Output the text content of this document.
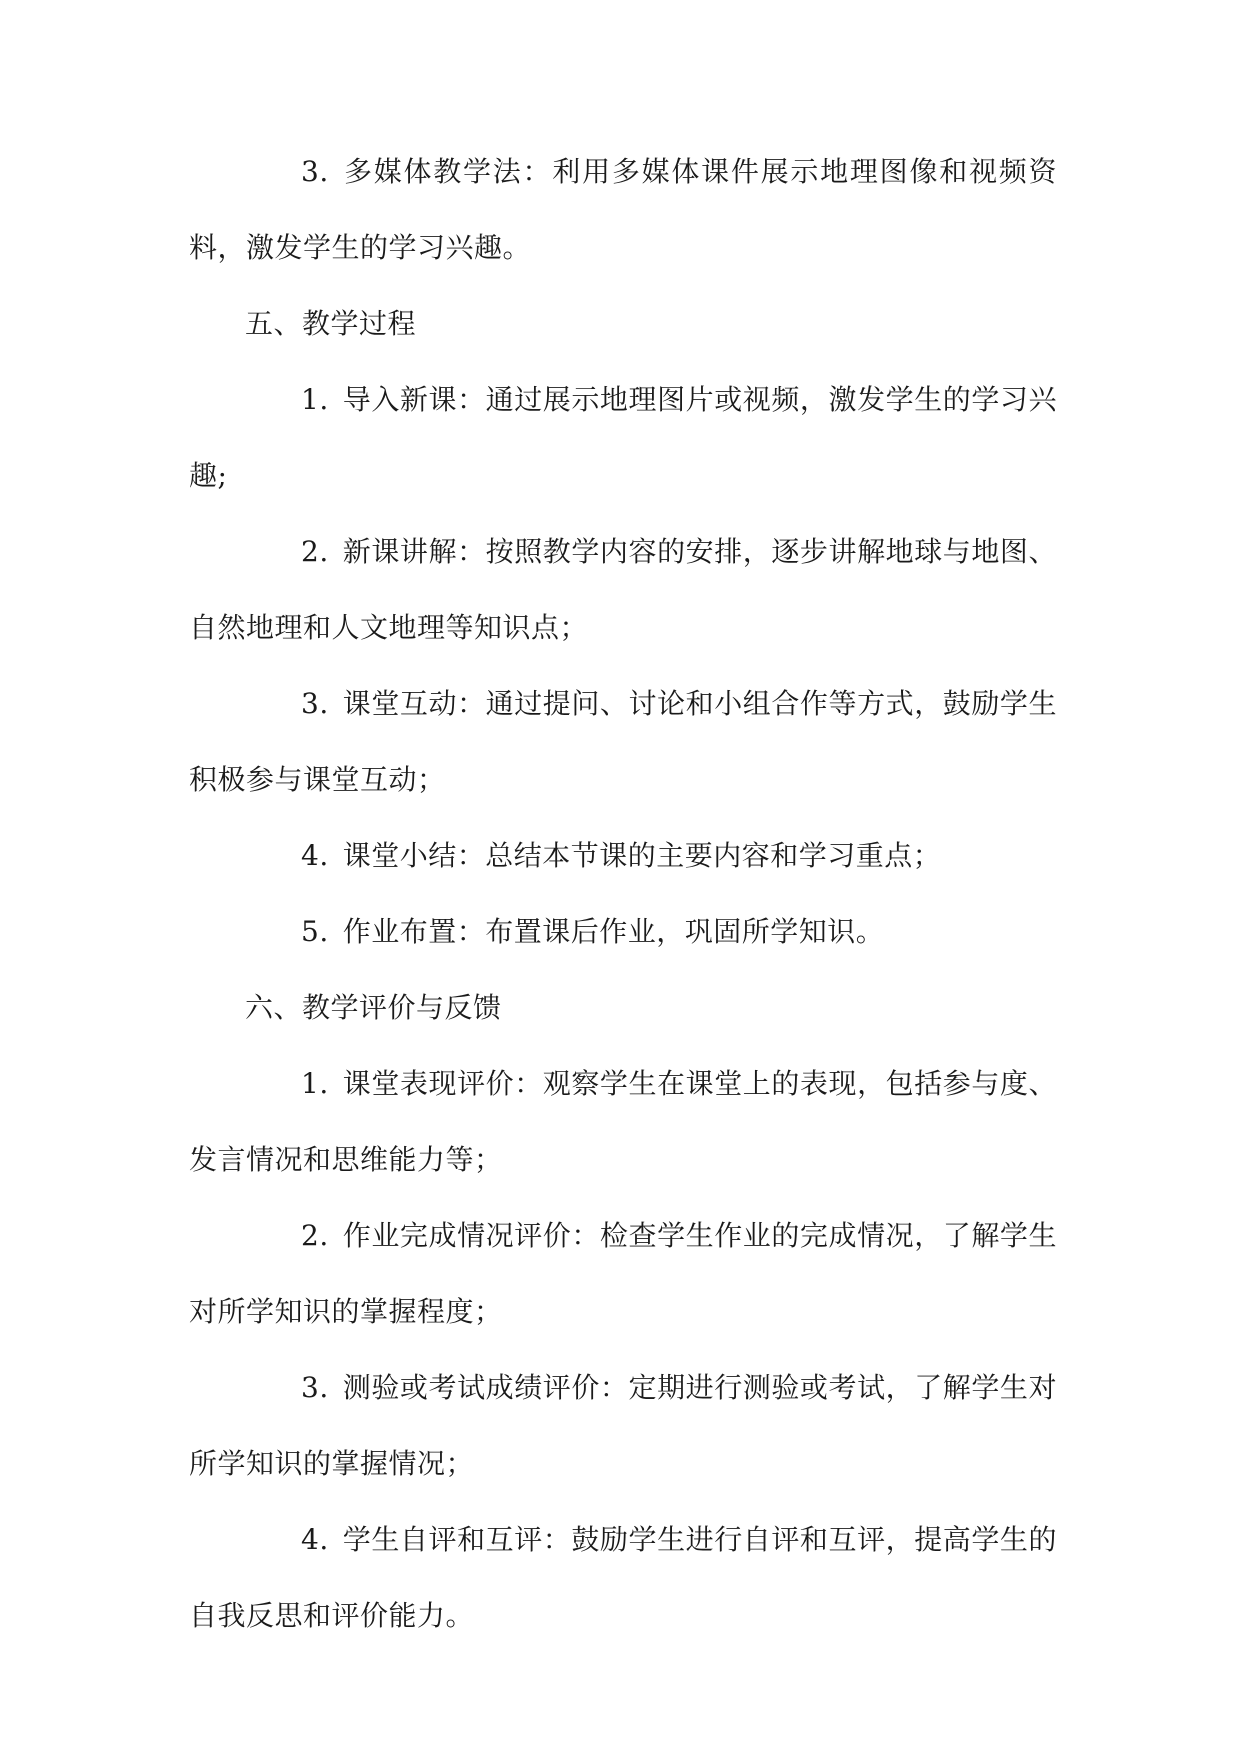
3. 多媒体教学法：利用多媒体课件展示地理图像和视频资料，激发学生的学习兴趣。

五、教学过程

1. 导入新课：通过展示地理图片或视频，激发学生的学习兴趣;

2. 新课讲解：按照教学内容的安排，逐步讲解地球与地图、自然地理和人文地理等知识点；

3. 课堂互动：通过提问、讨论和小组合作等方式，鼓励学生积极参与课堂互动；

4. 课堂小结：总结本节课的主要内容和学习重点；

5. 作业布置：布置课后作业，巩固所学知识。

六、教学评价与反馈

1. 课堂表现评价：观察学生在课堂上的表现，包括参与度、发言情况和思维能力等；

2. 作业完成情况评价：检查学生作业的完成情况，了解学生对所学知识的掌握程度；

3. 测验或考试成绩评价：定期进行测验或考试，了解学生对所学知识的掌握情况；

4. 学生自评和互评：鼓励学生进行自评和互评，提高学生的自我反思和评价能力。
